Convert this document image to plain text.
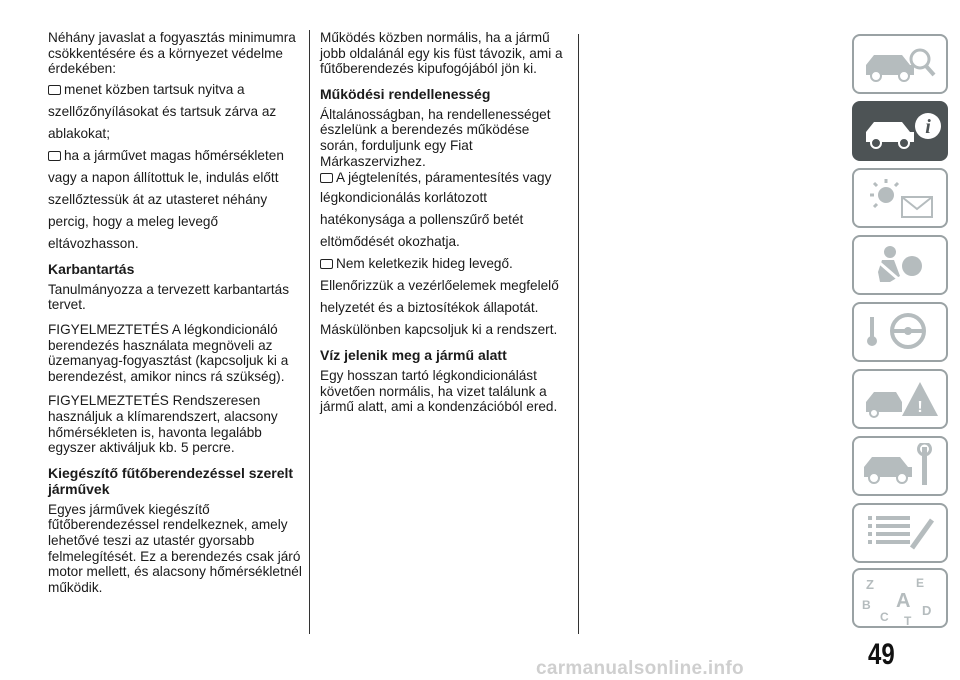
Néhány javaslat a fogyasztás minimumra csökkentésére és a környezet védelme érdekében:

menet közben tartsuk nyitva a
szellőzőnyílásokat és tartsuk zárva az
ablakokat;
ha a járművet magas hőmérsékleten
vagy a napon állítottuk le, indulás előtt
szellőztessük át az utasteret néhány
percig, hogy a meleg levegő
eltávozhasson.
Karbantartás

Tanulmányozza a tervezett karbantartás tervet.

FIGYELMEZTETÉS A légkondicionáló berendezés használata megnöveli az üzemanyag-fogyasztást (kapcsoljuk ki a berendezést, amikor nincs rá szükség).

FIGYELMEZTETÉS Rendszeresen használjuk a klímarendszert, alacsony hőmérsékleten is, havonta legalább egyszer aktiváljuk kb. 5 percre.

Kiegészítő fűtőberendezéssel szerelt járművek

Egyes járművek kiegészítő fűtőberendezéssel rendelkeznek, amely lehetővé teszi az utastér gyorsabb felmelegítését. Ez a berendezés csak járó motor mellett, és alacsony hőmérsékletnél működik.

Működés közben normális, ha a jármű jobb oldalánál egy kis füst távozik, ami a fűtőberendezés kipufogójából jön ki.

Működési rendellenesség

Általánosságban, ha rendellenességet észlelünk a berendezés működése során, forduljunk egy Fiat Márkaszervizhez.

A jégtelenítés, páramentesítés vagy
légkondicionálás korlátozott
hatékonysága a pollenszűrő betét
eltömődését okozhatja.
Nem keletkezik hideg levegő.
Ellenőrizzük a vezérlőelemek megfelelő
helyzetét és a biztosítékok állapotát.
Máskülönben kapcsoljuk ki a rendszert.
Víz jelenik meg a jármű alatt

Egy hosszan tartó légkondicionálást követően normális, ha vizet találunk a jármű alatt, ami a kondenzációból ered.

i
!
Z	E
B A D
C T
49
carmanualsonline.info
